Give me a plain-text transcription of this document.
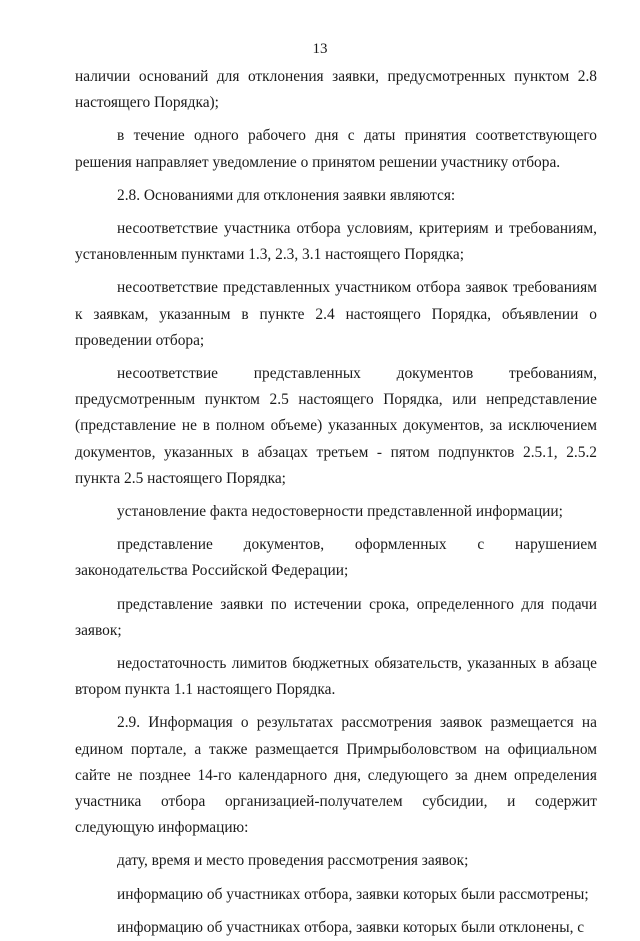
13

наличии оснований для отклонения заявки, предусмотренных пунктом 2.8 настоящего Порядка);

в течение одного рабочего дня с даты принятия соответствующего решения направляет уведомление о принятом решении участнику отбора.

2.8. Основаниями для отклонения заявки являются:

несоответствие участника отбора условиям, критериям и требованиям, установленным пунктами 1.3, 2.3, 3.1 настоящего Порядка;

несоответствие представленных участником отбора заявок требованиям к заявкам, указанным в пункте 2.4 настоящего Порядка, объявлении о проведении отбора;

несоответствие представленных документов требованиям, предусмотренным пунктом 2.5 настоящего Порядка, или непредставление (представление не в полном объеме) указанных документов, за исключением документов, указанных в абзацах третьем - пятом подпунктов 2.5.1, 2.5.2 пункта 2.5 настоящего Порядка;

установление факта недостоверности представленной информации;

представление документов, оформленных с нарушением законодательства Российской Федерации;

представление заявки по истечении срока, определенного для подачи заявок;

недостаточность лимитов бюджетных обязательств, указанных в абзаце втором пункта 1.1 настоящего Порядка.

2.9. Информация о результатах рассмотрения заявок размещается на едином портале, а также размещается Примрыболовством на официальном сайте не позднее 14-го календарного дня, следующего за днем определения участника отбора организацией-получателем субсидии, и содержит следующую информацию:

дату, время и место проведения рассмотрения заявок;

информацию об участниках отбора, заявки которых были рассмотрены;

информацию об участниках отбора, заявки которых были отклонены, с
